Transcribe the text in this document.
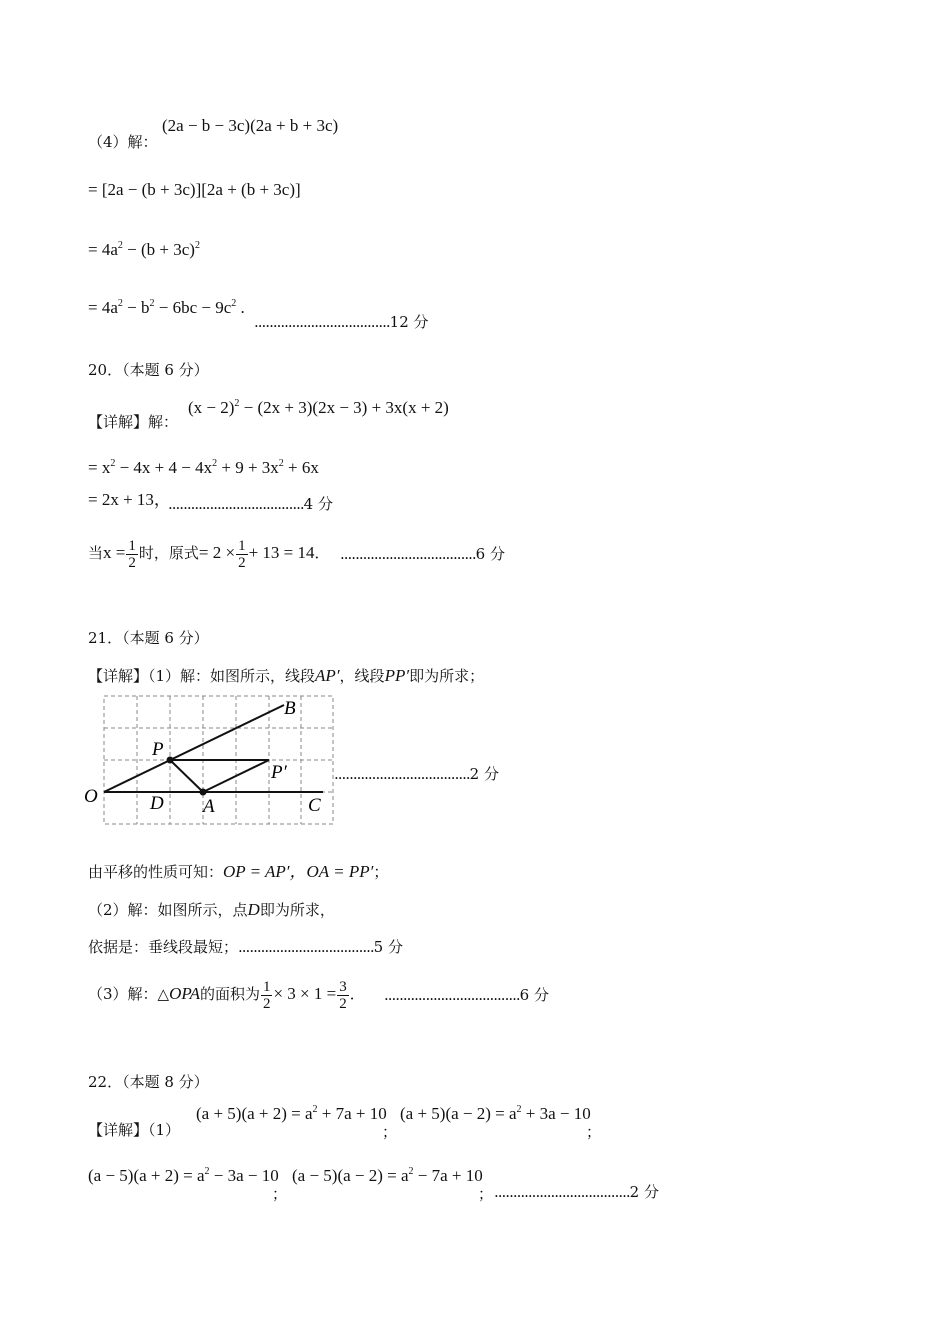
（4）解：
(2a − b − 3c)(2a + b + 3c)
= [2a − (b + 3c)][2a + (b + 3c)]
= $4a^2 - (b + 3c)^2$
= $4a^2 - b^2 - 6bc - 9c^2$ .
....................................12 分
20．（本题 6 分）
【详解】解：
$(x - 2)^2 - (2x + 3)(2x - 3) + 3x(x + 2)$
= $x^2 - 4x + 4 - 4x^2 + 9 + 3x^2 + 6x$
= 2x + 13，
....................................4 分
当$x = \frac{1}{2}$ 时，原式= $2 \times \frac{1}{2} + 13 = 14$． ....................................6 分
21．（本题 6 分）
【详解】（1）解：如图所示，线段AP′，线段PP′即为所求；
O
P
B
P′
D A	C
....................................2 分
由平移的性质可知：OP = AP′，OA = PP′；
（2）解：如图所示，点D即为所求，
依据是：垂线段最短；....................................5 分
（3）解：△OPA的面积为 $\frac{1}{2} \times 3 \times 1 = \frac{3}{2}$ ． ....................................6 分
22．（本题 8 分）
【详解】（1）
$(a + 5)(a + 2) = a^2 + 7a + 10$
；
$(a + 5)(a - 2) = a^2 + 3a - 10$
；
$(a - 5)(a + 2) = a^2 - 3a - 10$
；
$(a - 5)(a - 2) = a^2 - 7a + 10$
； ....................................2 分
